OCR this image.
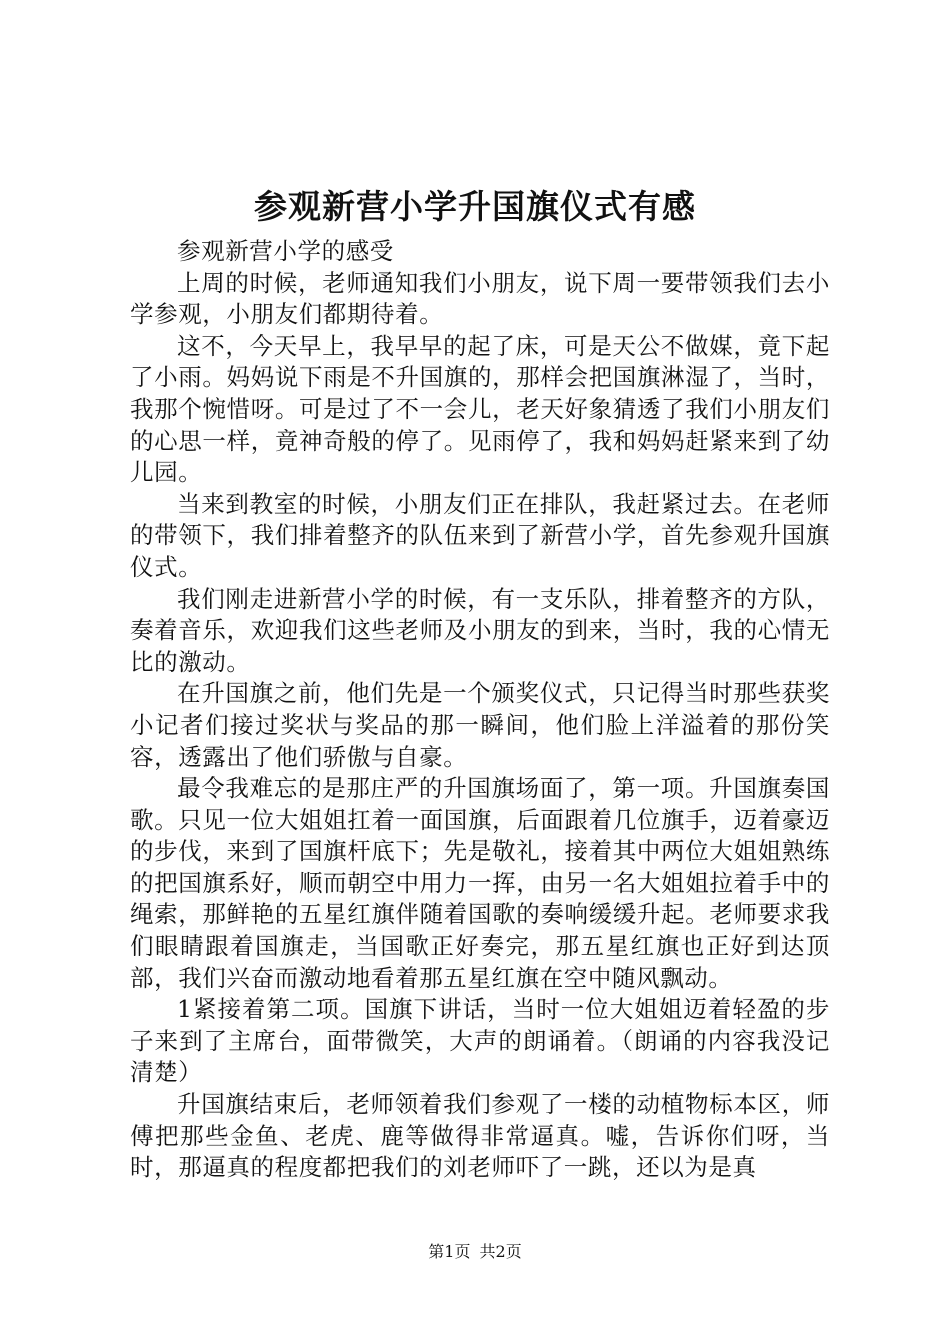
参观新营小学升国旗仪式有感

参观新营小学的感受

上周的时候，老师通知我们小朋友，说下周一要带领我们去小学参观，小朋友们都期待着。

这不，今天早上，我早早的起了床，可是天公不做媒，竟下起了小雨。妈妈说下雨是不升国旗的，那样会把国旗淋湿了，当时，我那个惋惜呀。可是过了不一会儿，老天好象猜透了我们小朋友们的心思一样，竟神奇般的停了。见雨停了，我和妈妈赶紧来到了幼儿园。

当来到教室的时候，小朋友们正在排队，我赶紧过去。在老师的带领下，我们排着整齐的队伍来到了新营小学，首先参观升国旗仪式。

我们刚走进新营小学的时候，有一支乐队，排着整齐的方队，奏着音乐，欢迎我们这些老师及小朋友的到来，当时，我的心情无比的激动。

在升国旗之前，他们先是一个颁奖仪式，只记得当时那些获奖小记者们接过奖状与奖品的那一瞬间，他们脸上洋溢着的那份笑容，透露出了他们骄傲与自豪。

最令我难忘的是那庄严的升国旗场面了，第一项。升国旗奏国歌。只见一位大姐姐扛着一面国旗，后面跟着几位旗手，迈着豪迈的步伐，来到了国旗杆底下；先是敬礼，接着其中两位大姐姐熟练的把国旗系好，顺而朝空中用力一挥，由另一名大姐姐拉着手中的绳索，那鲜艳的五星红旗伴随着国歌的奏响缓缓升起。老师要求我们眼睛跟着国旗走，当国歌正好奏完，那五星红旗也正好到达顶部，我们兴奋而激动地看着那五星红旗在空中随风飘动。

1紧接着第二项。国旗下讲话，当时一位大姐姐迈着轻盈的步子来到了主席台，面带微笑，大声的朗诵着。（朗诵的内容我没记清楚）

升国旗结束后，老师领着我们参观了一楼的动植物标本区，师傅把那些金鱼、老虎、鹿等做得非常逼真。嘘，告诉你们呀，当时，那逼真的程度都把我们的刘老师吓了一跳，还以为是真

第1页 共2页
